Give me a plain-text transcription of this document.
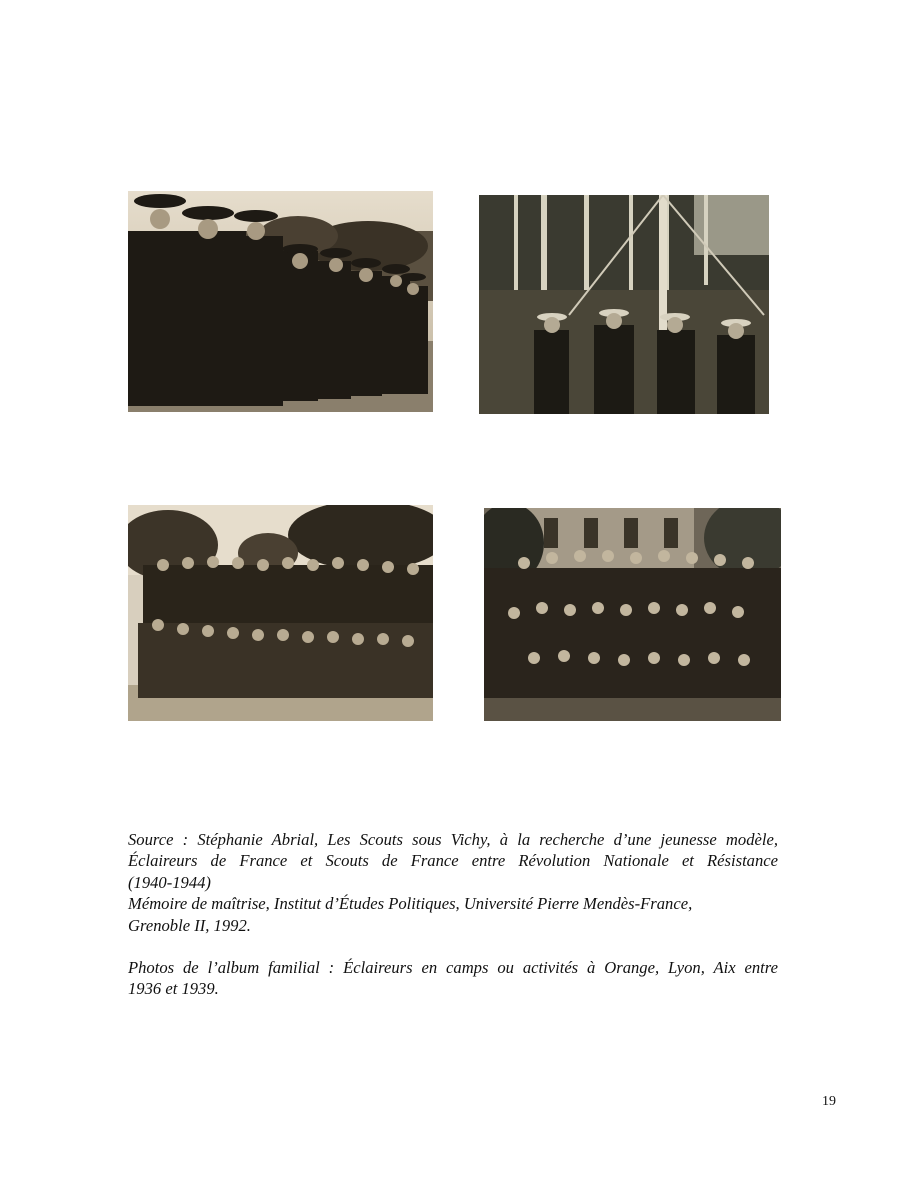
Source : Stéphanie Abrial, Les Scouts sous Vichy, à la recherche d’une jeunesse modèle,

Éclaireurs de France et Scouts de France entre Révolution Nationale et Résistance

(1940-1944)

Mémoire de maîtrise, Institut d’Études Politiques, Université Pierre Mendès-France,

Grenoble II, 1992.

Photos de l’album familial : Éclaireurs en camps ou activités à Orange, Lyon, Aix entre

1936 et 1939.

19
